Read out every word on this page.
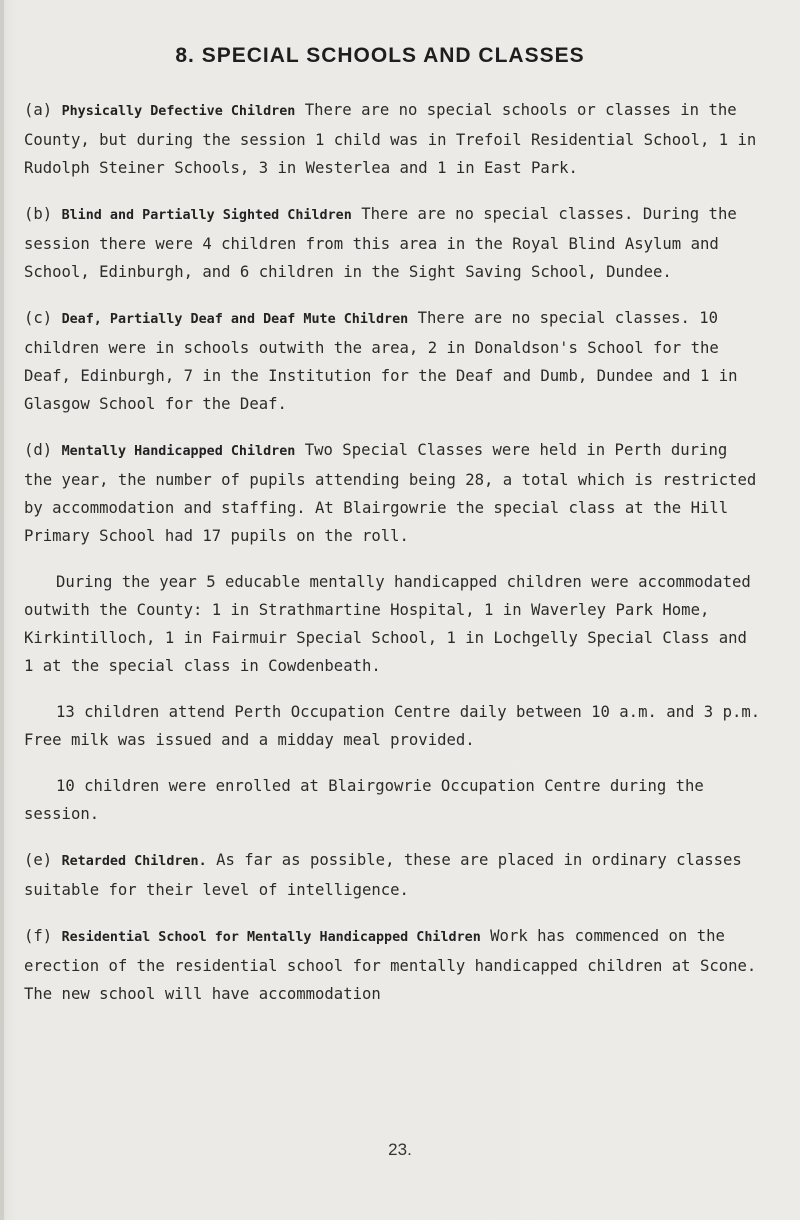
8. SPECIAL SCHOOLS AND CLASSES

(a) Physically Defective Children There are no special schools or classes in the County, but during the session 1 child was in Trefoil Residential School, 1 in Rudolph Steiner Schools, 3 in Westerlea and 1 in East Park.

(b) Blind and Partially Sighted Children There are no special classes. During the session there were 4 children from this area in the Royal Blind Asylum and School, Edinburgh, and 6 children in the Sight Saving School, Dundee.

(c) Deaf, Partially Deaf and Deaf Mute Children There are no special classes. 10 children were in schools outwith the area, 2 in Donaldson's School for the Deaf, Edinburgh, 7 in the Institution for the Deaf and Dumb, Dundee and 1 in Glasgow School for the Deaf.

(d) Mentally Handicapped Children Two Special Classes were held in Perth during the year, the number of pupils attending being 28, a total which is restricted by accommodation and staffing. At Blairgowrie the special class at the Hill Primary School had 17 pupils on the roll.

During the year 5 educable mentally handicapped children were accommodated outwith the County: 1 in Strathmartine Hospital, 1 in Waverley Park Home, Kirkintilloch, 1 in Fairmuir Special School, 1 in Lochgelly Special Class and 1 at the special class in Cowdenbeath.

13 children attend Perth Occupation Centre daily between 10 a.m. and 3 p.m. Free milk was issued and a midday meal provided.

10 children were enrolled at Blairgowrie Occupation Centre during the session.

(e) Retarded Children. As far as possible, these are placed in ordinary classes suitable for their level of intelligence.

(f) Residential School for Mentally Handicapped Children Work has commenced on the erection of the residential school for mentally handicapped children at Scone. The new school will have accommodation

23.
